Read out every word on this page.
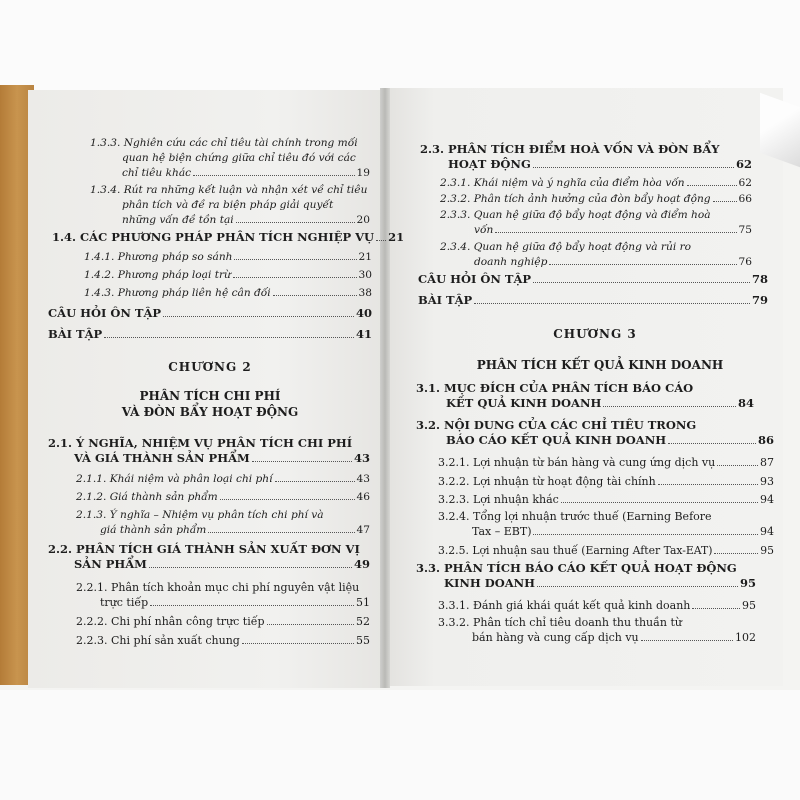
1.3.3. Nghiên cứu các chỉ tiêu tài chính trong mối
quan hệ biện chứng giữa chỉ tiêu đó với các
chỉ tiêu khác	19
1.3.4. Rút ra những kết luận và nhận xét về chỉ tiêu
phân tích và đề ra biện pháp giải quyết
những vấn đề tồn tại	20
1.4. CÁC PHƯƠNG PHÁP PHÂN TÍCH NGHIỆP VỤ 21
1.4.1. Phương pháp so sánh	21
1.4.2. Phương pháp loại trừ	30
1.4.3. Phương pháp liên hệ cân đối	38
CÂU HỎI ÔN TẬP	40
BÀI TẬP	41
CHƯƠNG 2
PHÂN TÍCH CHI PHÍ
VÀ ĐÒN BẨY HOẠT ĐỘNG
2.1. Ý NGHĨA, NHIỆM VỤ PHÂN TÍCH CHI PHÍ
VÀ GIÁ THÀNH SẢN PHẨM	43
2.1.1. Khái niệm và phân loại chi phí	43
2.1.2. Giá thành sản phẩm	46
2.1.3. Ý nghĩa – Nhiệm vụ phân tích chi phí và
giá thành sản phẩm	47
2.2. PHÂN TÍCH GIÁ THÀNH SẢN XUẤT ĐƠN VỊ
SẢN PHẨM	49
2.2.1. Phân tích khoản mục chi phí nguyên vật liệu
trực tiếp	51
2.2.2. Chi phí nhân công trực tiếp	52
2.2.3. Chi phí sản xuất chung	55
2.3. PHÂN TÍCH ĐIỂM HOÀ VỐN VÀ ĐÒN BẨY
HOẠT ĐỘNG	62
2.3.1. Khái niệm và ý nghĩa của điểm hòa vốn	62
2.3.2. Phân tích ảnh hưởng của đòn bẩy hoạt động	66
2.3.3. Quan hệ giữa độ bẩy hoạt động và điểm hoà
vốn	75
2.3.4. Quan hệ giữa độ bẩy hoạt động và rủi ro
doanh nghiệp	76
CÂU HỎI ÔN TẬP	78
BÀI TẬP	79
CHƯƠNG 3
PHÂN TÍCH KẾT QUẢ KINH DOANH
3.1. MỤC ĐÍCH CỦA PHÂN TÍCH BÁO CÁO
KẾT QUẢ KINH DOANH	84
3.2. NỘI DUNG CỦA CÁC CHỈ TIÊU TRONG
BÁO CÁO KẾT QUẢ KINH DOANH	86
3.2.1. Lợi nhuận từ bán hàng và cung ứng dịch vụ	87
3.2.2. Lợi nhuận từ hoạt động tài chính	93
3.2.3. Lợi nhuận khác	94
3.2.4. Tổng lợi nhuận trước thuế (Earning Before
Tax – EBT)	94
3.2.5. Lợi nhuận sau thuế (Earning After Tax-EAT)	95
3.3. PHÂN TÍCH BÁO CÁO KẾT QUẢ HOẠT ĐỘNG
KINH DOANH	95
3.3.1. Đánh giá khái quát kết quả kinh doanh	95
3.3.2. Phân tích chỉ tiêu doanh thu thuần từ
bán hàng và cung cấp dịch vụ	102
